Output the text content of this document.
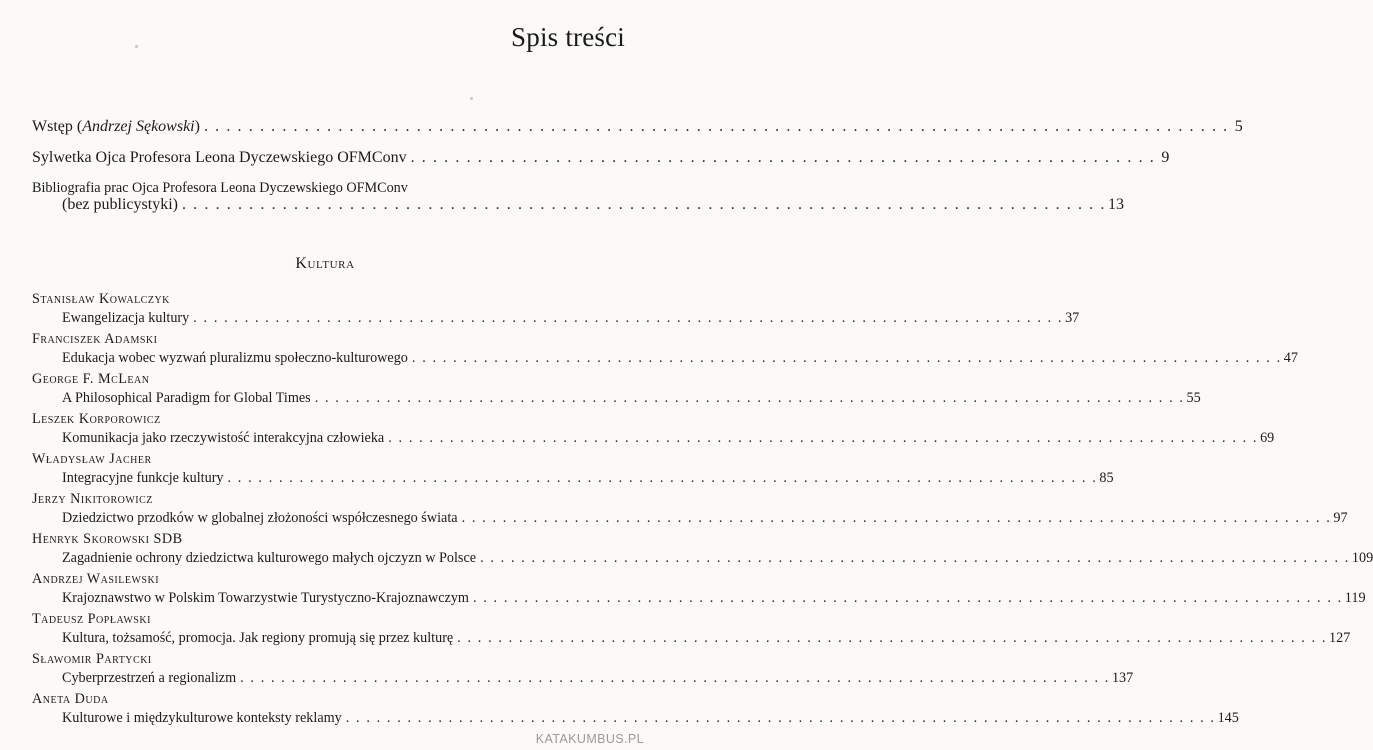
Spis treści
Wstęp (Andrzej Sękowski) . . . . . . . . . . . . . . . . . . . . . . . . . . . . . . . . . . . . . . . . . . . . . . . . . . . . . . . . . . . . . . . . . . . . . . . . . . . . . . . . . . . . . . . . . . . . 5
Sylwetka Ojca Profesora Leona Dyczewskiego OFMConv . . . . . . . . . . . . . . . . . . . . . . . . . . . . . . . . . . . . . . . . . . . . . . . . . . . . . . . . . . . . . . . . . . . 9
Bibliografia prac Ojca Profesora Leona Dyczewskiego OFMConv
(bez publicystyki) . . . . . . . . . . . . . . . . . . . . . . . . . . . . . . . . . . . . . . . . . . . . . . . . . . . . . . . . . . . . . . . . . . . . . . . . . . . . . . . . . . . 13
Kultura
Stanisław Kowalczyk
Ewangelizacja kultury . . . . . . . . . . . . . . . . . . . . . . . . . . . . . . . . . . . . . . . . . . . . . . . . . . . . . . . . . . . . . . . . . . . . . . . . . . . . . . . . . . . . . 37
Franciszek Adamski
Edukacja wobec wyzwań pluralizmu społeczno-kulturowego . . . . . . . . . . . . . . . . . . . . . . . . . . . . . . . . . . . . . . . . . . . . . . . . . . . . . . . . . . . . . . . . . . . . . . . . . . . . . . . . . . . . . 47
George F. McLean
A Philosophical Paradigm for Global Times . . . . . . . . . . . . . . . . . . . . . . . . . . . . . . . . . . . . . . . . . . . . . . . . . . . . . . . . . . . . . . . . . . . . . . . . . . . . . . . . . . . . . 55
Leszek Korporowicz
Komunikacja jako rzeczywistość interakcyjna człowieka . . . . . . . . . . . . . . . . . . . . . . . . . . . . . . . . . . . . . . . . . . . . . . . . . . . . . . . . . . . . . . . . . . . . . . . . . . . . . . . . . . . . . 69
Władysław Jacher
Integracyjne funkcje kultury . . . . . . . . . . . . . . . . . . . . . . . . . . . . . . . . . . . . . . . . . . . . . . . . . . . . . . . . . . . . . . . . . . . . . . . . . . . . . . . . . . . . . 85
Jerzy Nikitorowicz
Dziedzictwo przodków w globalnej złożoności współczesnego świata . . . . . . . . . . . . . . . . . . . . . . . . . . . . . . . . . . . . . . . . . . . . . . . . . . . . . . . . . . . . . . . . . . . . . . . . . . . . . . . . . . . . . 97
Henryk Skorowski SDB
Zagadnienie ochrony dziedzictwa kulturowego małych ojczyzn w Polsce . . . . . . . . . . . . . . . . . . . . . . . . . . . . . . . . . . . . . . . . . . . . . . . . . . . . . . . . . . . . . . . . . . . . . . . . . . . . . . . . . . . . . 109
Andrzej Wasilewski
Krajoznawstwo w Polskim Towarzystwie Turystyczno-Krajoznawczym . . . . . . . . . . . . . . . . . . . . . . . . . . . . . . . . . . . . . . . . . . . . . . . . . . . . . . . . . . . . . . . . . . . . . . . . . . . . . . . . . . . . . 119
Tadeusz Popławski
Kultura, tożsamość, promocja. Jak regiony promują się przez kulturę . . . . . . . . . . . . . . . . . . . . . . . . . . . . . . . . . . . . . . . . . . . . . . . . . . . . . . . . . . . . . . . . . . . . . . . . . . . . . . . . . . . . . 127
Sławomir Partycki
Cyberprzestrzeń a regionalizm . . . . . . . . . . . . . . . . . . . . . . . . . . . . . . . . . . . . . . . . . . . . . . . . . . . . . . . . . . . . . . . . . . . . . . . . . . . . . . . . . . . . . 137
Aneta Duda
Kulturowe i międzykulturowe konteksty reklamy . . . . . . . . . . . . . . . . . . . . . . . . . . . . . . . . . . . . . . . . . . . . . . . . . . . . . . . . . . . . . . . . . . . . . . . . . . . . . . . . . . . . . 145
KATAKUMBUS.PL
